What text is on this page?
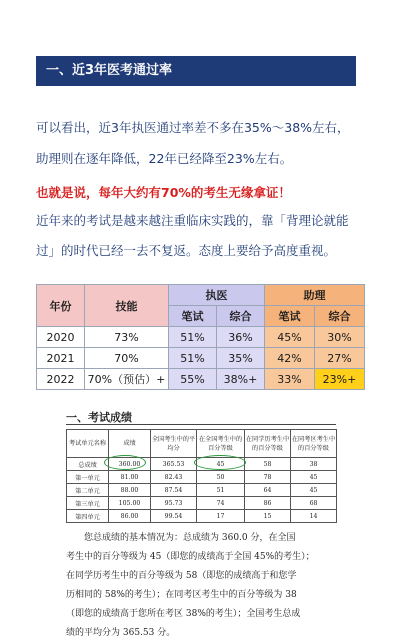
一、近3年医考通过率
可以看出，近3年执医通过率差不多在35%～38%左右，
助理则在逐年降低，22年已经降至23%左右。
也就是说，每年大约有70%的考生无缘拿证！
近年来的考试是越来越注重临床实践的，靠「背理论就能过」的时代已经一去不复返。态度上要给予高度重视。
年份	技能	执医		助理	
		笔试	综合	笔试	综合
2020	73%	51%	36%	45%	30%
2021	70%	51%	35%	42%	27%
2022	70%（预估）+	55%	38%+	33%	23%+
一、考试成绩
考试单元名称	成绩	全国考生中的平均分	在全国考生中的百分等级	在同学历考生中的百分等级	在同考区考生中的百分等级
总成绩	360.00	365.53	45	58	38
第一单元	81.00	82.43	50	78	45
第二单元	88.00	87.54	51	64	45
第三单元	105.00	95.73	74	86	68
第四单元	86.00	99.54	17	15	14
您总成绩的基本情况为：总成绩为 360.0 分，在全国
考生中的百分等级为 45（即您的成绩高于全国 45%的考生）；
在同学历考生中的百分等级为 58（即您的成绩高于和您学
历相同的 58%的考生）；在同考区考生中的百分等级为 38
（即您的成绩高于您所在考区 38%的考生）；全国考生总成
绩的平均分为 365.53 分。
